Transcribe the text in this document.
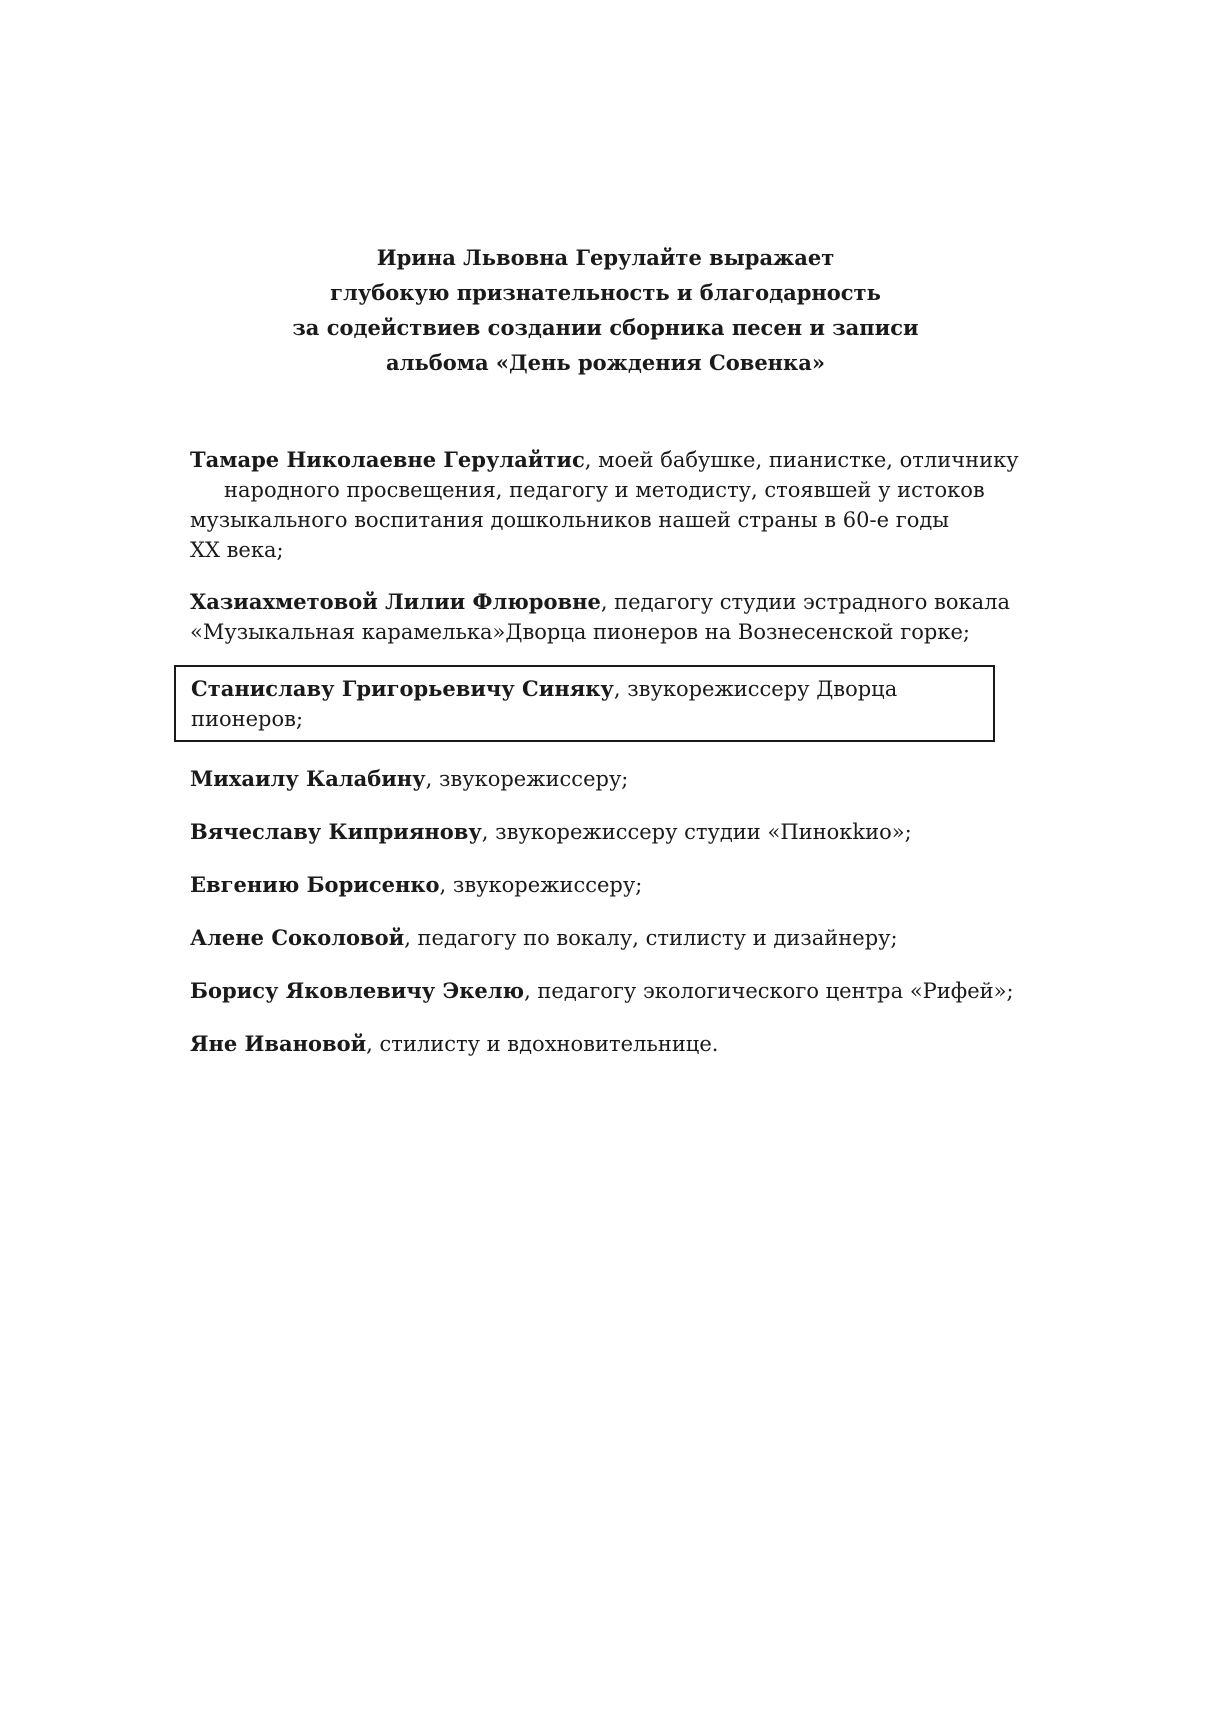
Ирина Львовна Герулайте выражает
глубокую признательность и благодарность
за содействиев создании сборника песен и записи
альбома «День рождения Совенка»

Тамаре Николаевне Герулайтис, моей бабушке, пианистке, отличнику
народного просвещения, педагогу и методисту, стоявшей у истоков
музыкального воспитания дошкольников нашей страны в 60-е годы
XX века;

Хазиахметовой Лилии Флюровне, педагогу студии эстрадного вокала
«Музыкальная карамелька»Дворца пионеров на Вознесенской горке;

Станиславу Григорьевичу Синяку, звукорежиссеру Дворца пионеров;

Михаилу Калабину, звукорежиссеру;

Вячеславу Киприянову, звукорежиссеру студии «Пинокkио»;

Евгению Борисенко, звукорежиссеру;

Алене Соколовой, педагогу по вокалу, стилисту и дизайнеру;

Борису Яковлевичу Экелю, педагогу экологического центра «Рифей»;

Яне Ивановой, стилисту и вдохновительнице.
